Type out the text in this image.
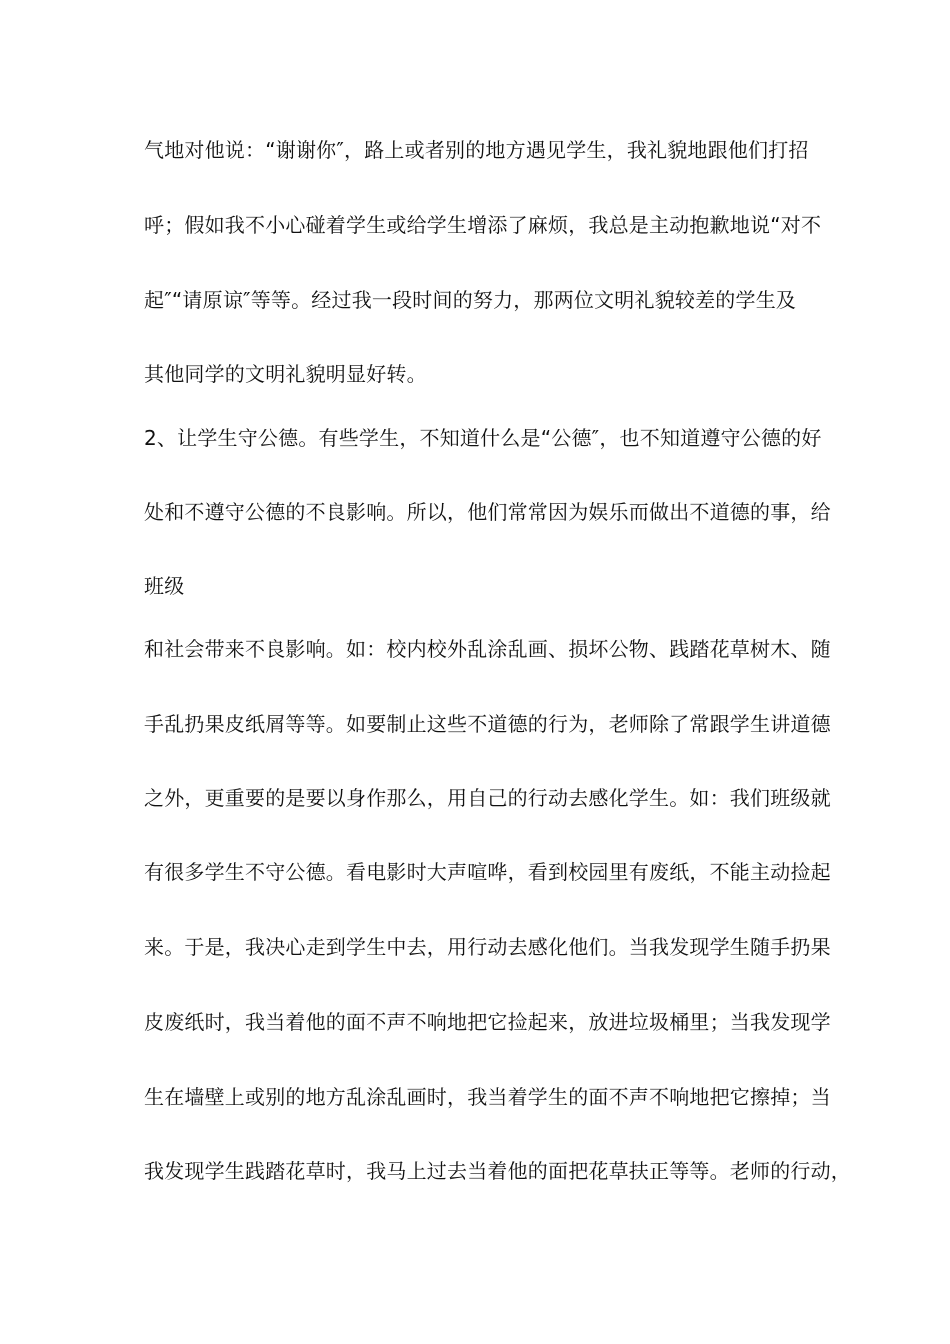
气地对他说：“谢谢你″，路上或者别的地方遇见学生，我礼貌地跟他们打招
呼；假如我不小心碰着学生或给学生增添了麻烦，我总是主动抱歉地说“对不
起″“请原谅″等等。经过我一段时间的努力，那两位文明礼貌较差的学生及
其他同学的文明礼貌明显好转。
2、让学生守公德。有些学生，不知道什么是“公德″，也不知道遵守公德的好
处和不遵守公德的不良影响。所以，他们常常因为娱乐而做出不道德的事，给
班级
和社会带来不良影响。如：校内校外乱涂乱画、损坏公物、践踏花草树木、随
手乱扔果皮纸屑等等。如要制止这些不道德的行为，老师除了常跟学生讲道德
之外，更重要的是要以身作那么，用自己的行动去感化学生。如：我们班级就
有很多学生不守公德。看电影时大声喧哗，看到校园里有废纸，不能主动捡起
来。于是，我决心走到学生中去，用行动去感化他们。当我发现学生随手扔果
皮废纸时，我当着他的面不声不响地把它捡起来，放进垃圾桶里；当我发现学
生在墙壁上或别的地方乱涂乱画时，我当着学生的面不声不响地把它擦掉；当
我发现学生践踏花草时，我马上过去当着他的面把花草扶正等等。老师的行动，
